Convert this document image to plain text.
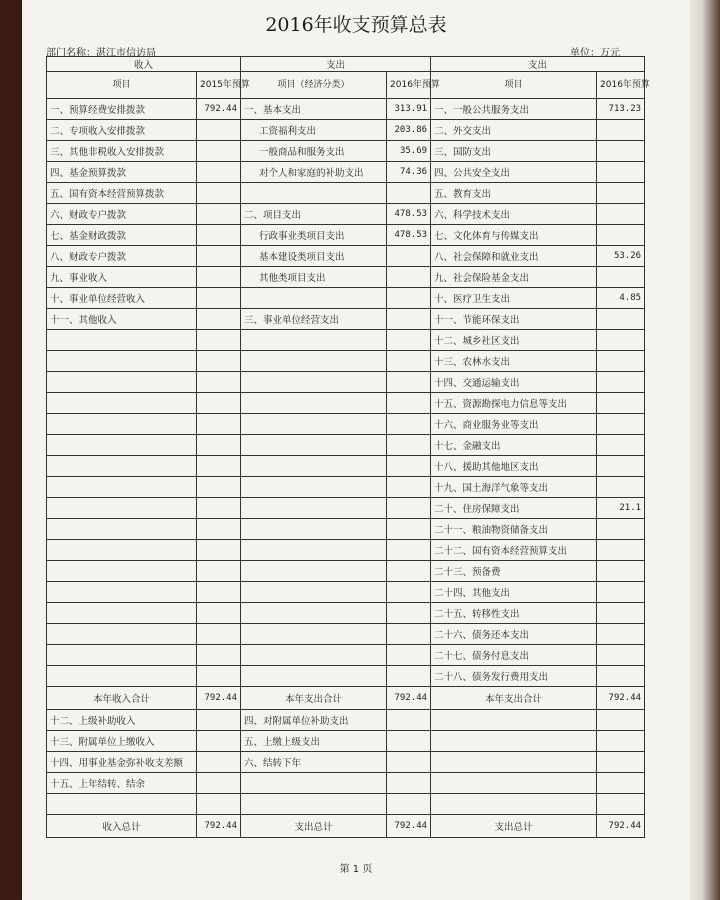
2016年收支预算总表
部门名称：湛江市信访局	单位：万元
收入		支出		支出	
项目	2015年预算	项目（经济分类）	2016年预算	项目	2016年预算
一、预算经费安排拨款	792.44	一、基本支出	313.91	一、一般公共服务支出	713.23
二、专项收入安排拨款		工资福利支出	203.86	二、外交支出	
三、其他非税收入安排拨款		一般商品和服务支出	35.69	三、国防支出	
四、基金预算拨款		对个人和家庭的补助支出	74.36	四、公共安全支出	
五、国有资本经营预算拨款				五、教育支出	
六、财政专户拨款		二、项目支出	478.53	六、科学技术支出	
七、基金财政拨款		行政事业类项目支出	478.53	七、文化体育与传媒支出	
八、财政专户拨款		基本建设类项目支出		八、社会保障和就业支出	53.26
九、事业收入		其他类项目支出		九、社会保险基金支出	
十、事业单位经营收入				十、医疗卫生支出	4.85
十一、其他收入		三、事业单位经营支出		十一、节能环保支出	
				十二、城乡社区支出	
				十三、农林水支出	
				十四、交通运输支出	
				十五、资源勘探电力信息等支出	
				十六、商业服务业等支出	
				十七、金融支出	
				十八、援助其他地区支出	
				十九、国土海洋气象等支出	
				二十、住房保障支出	21.1
				二十一、粮油物资储备支出	
				二十二、国有资本经营预算支出	
				二十三、预备费	
				二十四、其他支出	
				二十五、转移性支出	
				二十六、债务还本支出	
				二十七、债务付息支出	
				二十八、债务发行费用支出	
本年收入合计	792.44	本年支出合计	792.44	本年支出合计	792.44
十二、上级补助收入		四、对附属单位补助支出			
十三、附属单位上缴收入		五、上缴上级支出			
十四、用事业基金弥补收支差额		六、结转下年			
十五、上年结转、结余					

收入总计	792.44	支出总计	792.44	支出总计	792.44
第 1 页
